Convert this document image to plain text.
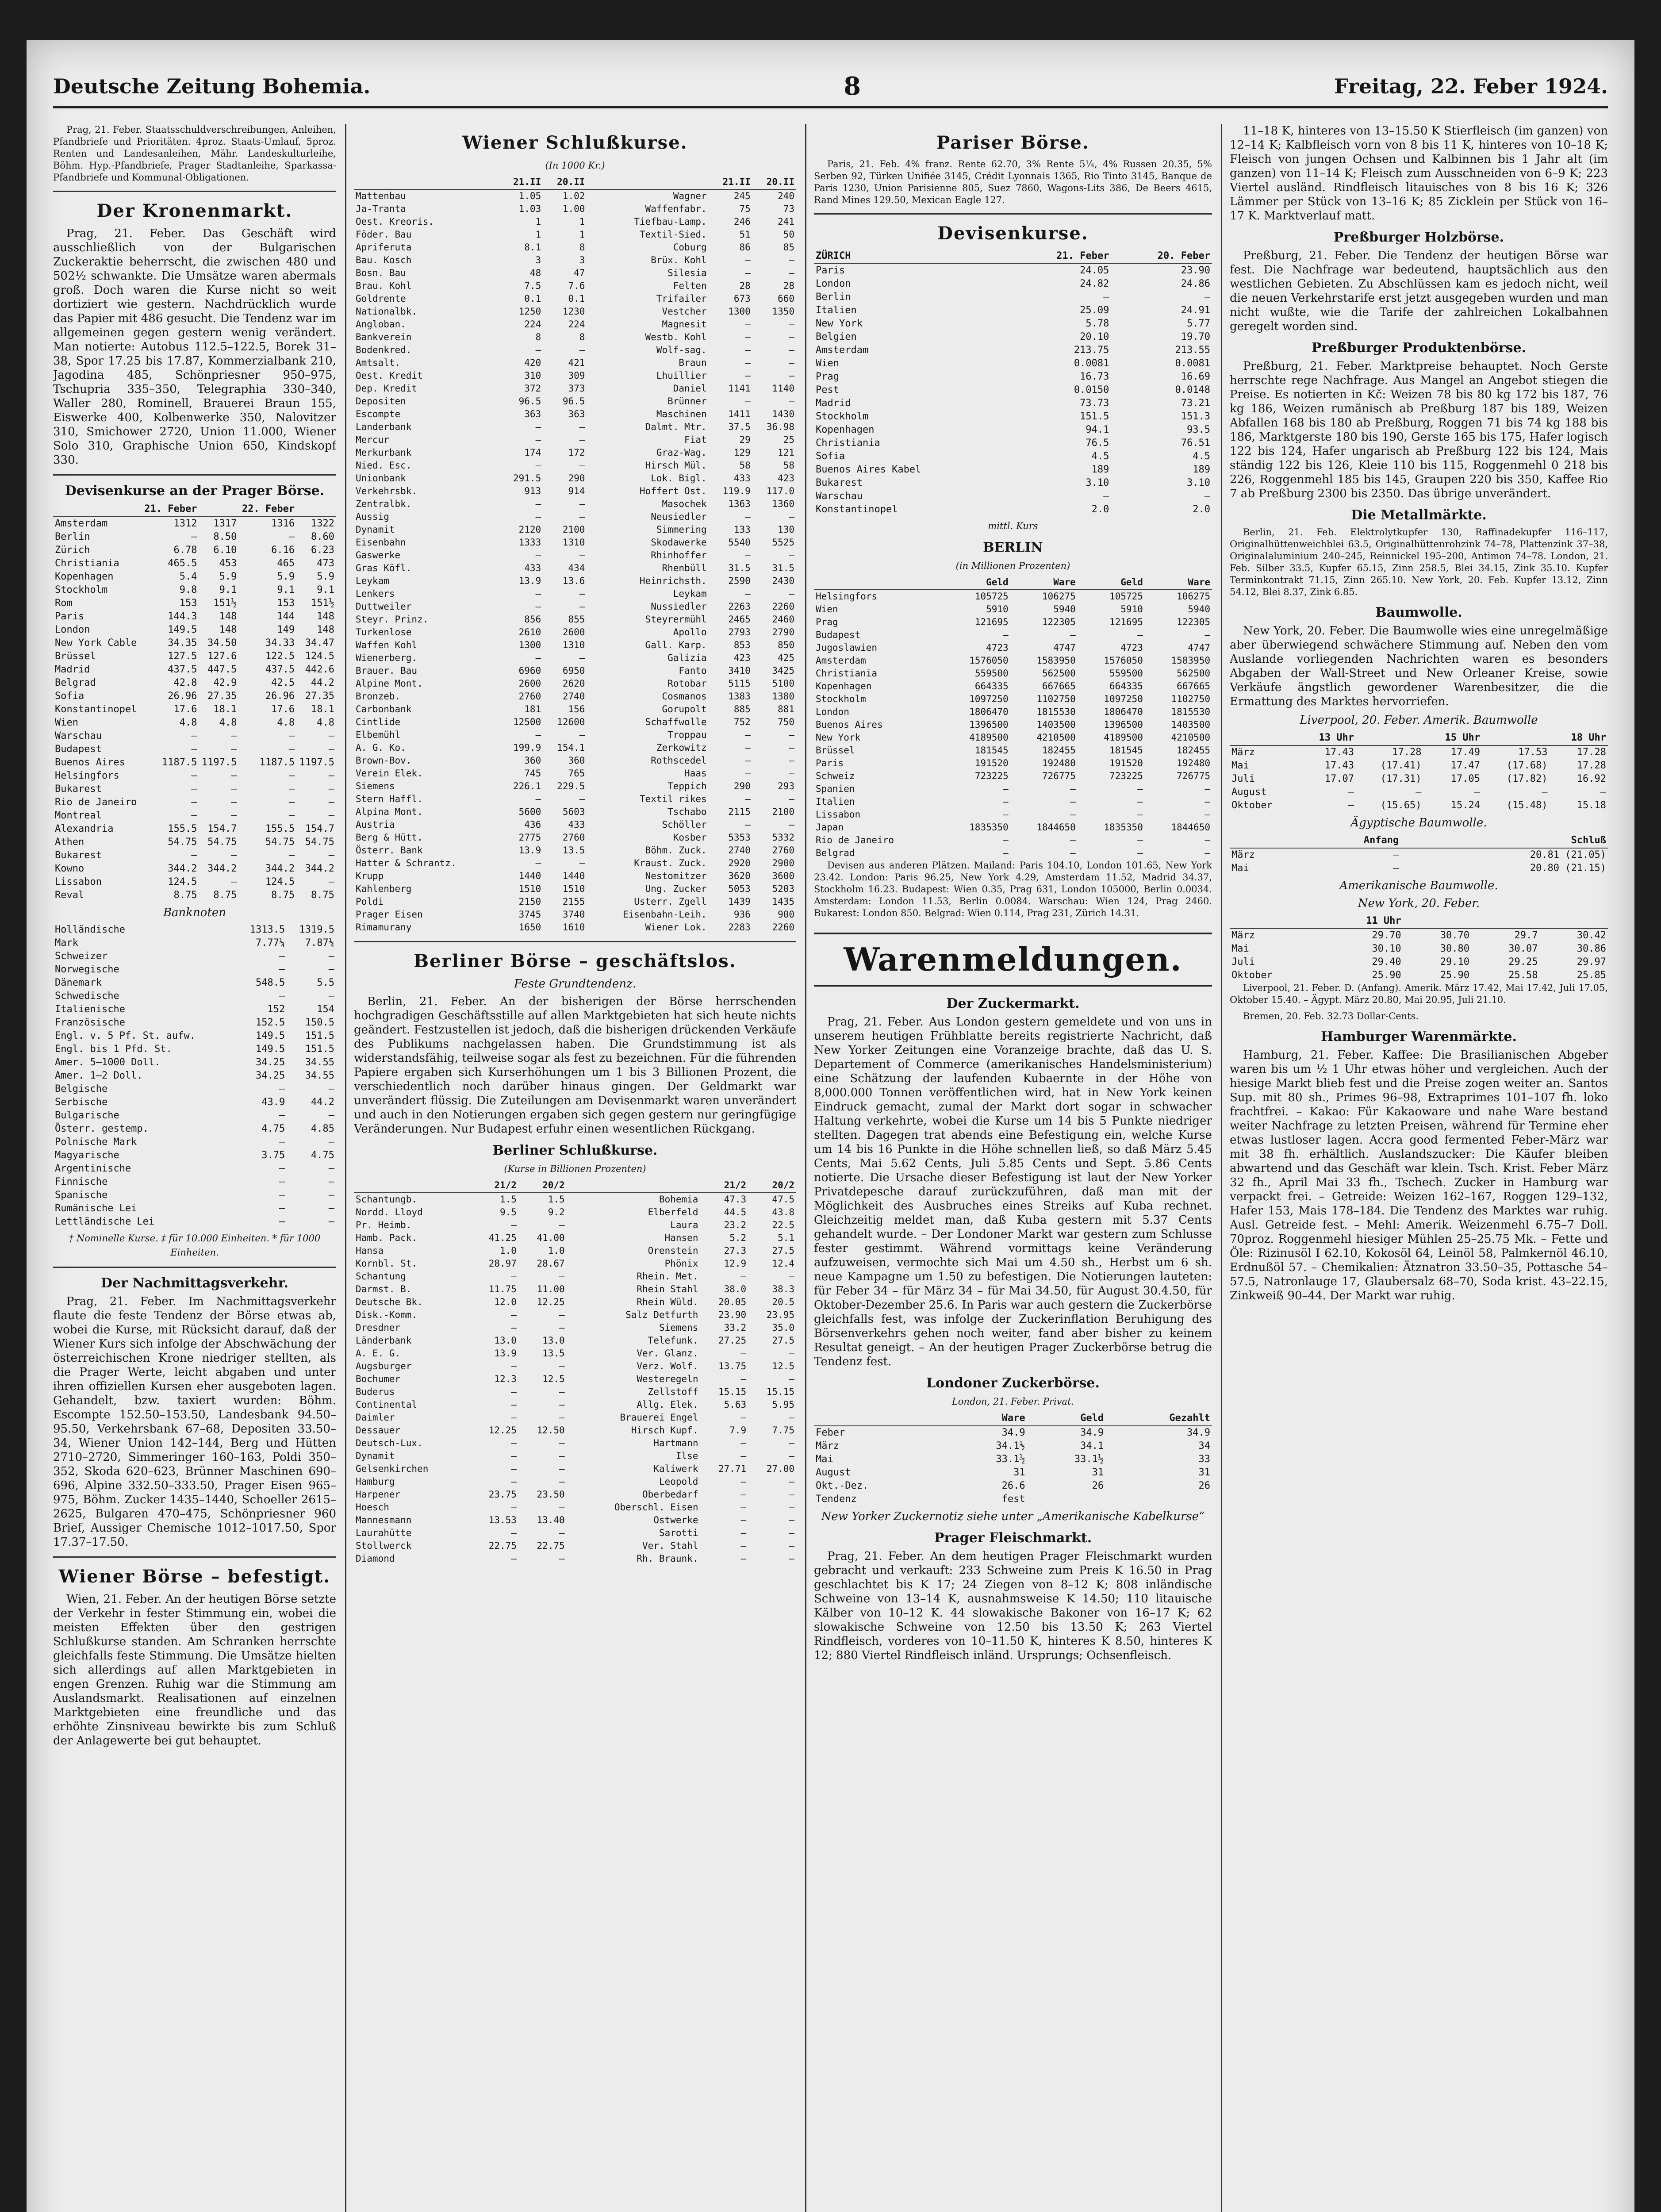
Deutsche Zeitung Bohemia.	8	Freitag, 22. Feber 1924.

Prag, 21. Feber. Staatsschuldverschreibungen, Anleihen, Pfandbriefe und Prioritäten. 4proz. Staats-Umlauf, 5proz. Renten und Landesanleihen, Mähr. Landeskulturleihe, Böhm. Hyp.-Pfandbriefe, Prager Stadtanleihe, Sparkassa-Pfandbriefe und Kommunal-Obligationen.

Der Kronenmarkt.

Prag, 21. Feber. Das Geschäft wird ausschließlich von der Bulgarischen Zuckeraktie beherrscht, die zwischen 480 und 502½ schwankte. Die Umsätze waren abermals groß. Doch waren die Kurse nicht so weit dortiziert wie gestern. Nachdrücklich wurde das Papier mit 486 gesucht. Die Tendenz war im allgemeinen gegen gestern wenig verändert. Man notierte: Autobus 112.5–122.5, Borek 31–38, Spor 17.25 bis 17.87, Kommerzialbank 210, Jagodina 485, Schönpriesner 950–975, Tschupria 335–350, Telegraphia 330–340, Waller 280, Rominell, Brauerei Braun 155, Eiswerke 400, Kolbenwerke 350, Nalovitzer 310, Smichower 2720, Union 11.000, Wiener Solo 310, Graphische Union 650, Kindskopf 330.

Devisenkurse an der Prager Börse.
	21. Feber		22. Feber	
Amsterdam	1312	1317	1316	1322
Berlin	—	8.50	—	8.60
Zürich	6.78	6.10	6.16	6.23
Christiania	465.5	453	465	473
Kopenhagen	5.4	5.9	5.9	5.9
Stockholm	9.8	9.1	9.1	9.1
Rom	153	151½	153	151½
Paris	144.3	148	144	148
London	149.5	148	149	148
New York Cable	34.35	34.50	34.33	34.47
Brüssel	127.5	127.6	122.5	124.5
Madrid	437.5	447.5	437.5	442.6
Belgrad	42.8	42.9	42.5	44.2
Sofia	26.96	27.35	26.96	27.35
Konstantinopel	17.6	18.1	17.6	18.1
Wien	4.8	4.8	4.8	4.8
Warschau	—	—	—	—
Budapest	—	—	—	—
Buenos Aires	1187.5	1197.5	1187.5	1197.5
Helsingfors	—	—	—	—
Bukarest	—	—	—	—
Rio de Janeiro	—	—	—	—
Montreal	—	—	—	—
Alexandria	155.5	154.7	155.5	154.7
Athen	54.75	54.75	54.75	54.75
Bukarest	—	—	—	—
Kowno	344.2	344.2	344.2	344.2
Lissabon	124.5	—	124.5	—
Reval	8.75	8.75	8.75	8.75
Banknoten
Holländische	1313.5	1319.5
Mark	7.77¼	7.87¼
Schweizer	—	—
Norwegische	—	—
Dänemark	548.5	5.5
Schwedische	—	—
Italienische	152	154
Französische	152.5	150.5
Engl. v. 5 Pf. St. aufw.	149.5	151.5
Engl. bis 1 Pfd. St.	149.5	151.5
Amer. 5–1000 Doll.	34.25	34.55
Amer. 1–2 Doll.	34.25	34.55
Belgische	—	—
Serbische	43.9	44.2
Bulgarische	—	—
Österr. gestemp.	4.75	4.85
Polnische Mark	—	—
Magyarische	3.75	4.75
Argentinische	—	—
Finnische	—	—
Spanische	—	—
Rumänische Lei	—	—
Lettländische Lei	—	—
† Nominelle Kurse. ‡ für 10.000 Einheiten. * für 1000 Einheiten.
Der Nachmittagsverkehr.

Prag, 21. Feber. Im Nachmittagsverkehr flaute die feste Tendenz der Börse etwas ab, wobei die Kurse, mit Rücksicht darauf, daß der Wiener Kurs sich infolge der Abschwächung der österreichischen Krone niedriger stellten, als die Prager Werte, leicht abgaben und unter ihren offiziellen Kursen eher ausgeboten lagen. Gehandelt, bzw. taxiert wurden: Böhm. Escompte 152.50–153.50, Landesbank 94.50–95.50, Verkehrsbank 67–68, Depositen 33.50–34, Wiener Union 142–144, Berg und Hütten 2710–2720, Simmeringer 160–163, Poldi 350–352, Skoda 620–623, Brünner Maschinen 690–696, Alpine 332.50–333.50, Prager Eisen 965–975, Böhm. Zucker 1435–1440, Schoeller 2615–2625, Bulgaren 470–475, Schönpriesner 960 Brief, Aussiger Chemische 1012–1017.50, Spor 17.37–17.50.

Wiener Börse – befestigt.

Wien, 21. Feber. An der heutigen Börse setzte der Verkehr in fester Stimmung ein, wobei die meisten Effekten über den gestrigen Schlußkurse standen. Am Schranken herrschte gleichfalls feste Stimmung. Die Umsätze hielten sich allerdings auf allen Marktgebieten in engen Grenzen. Ruhig war die Stimmung am Auslandsmarkt. Realisationen auf einzelnen Marktgebieten eine freundliche und das erhöhte Zinsniveau bewirkte bis zum Schluß der Anlagewerte bei gut behauptet.

Wiener Schlußkurse.
(In 1000 Kr.)
	21.II	20.II		21.II	20.II
Mattenbau	1.05	1.02	Wagner	245	240
Ja-Tranta	1.03	1.00	Waffenfabr.	75	73
Oest. Kreoris.	1	1	Tiefbau-Lamp.	246	241
Föder. Bau	1	1	Textil-Sied.	51	50
Apriferuta	8.1	8	Coburg	86	85
Bau. Kosch	3	3	Brüx. Kohl	—	—
Bosn. Bau	48	47	Silesia	—	—
Brau. Kohl	7.5	7.6	Felten	28	28
Goldrente	0.1	0.1	Trifailer	673	660
Nationalbk.	1250	1230	Vestcher	1300	1350
Angloban.	224	224	Magnesit	—	—
Bankverein	8	8	Westb. Kohl	—	—
Bodenkred.	—	—	Wolf-sag.	—	—
Amtsalt.	420	421	Braun	—	—
Oest. Kredit	310	309	Lhuillier	—	—
Dep. Kredit	372	373	Daniel	1141	1140
Depositen	96.5	96.5	Brünner	—	—
Escompte	363	363	Maschinen	1411	1430
Landerbank	—	—	Dalmt. Mtr.	37.5	36.98
Mercur	—	—	Fiat	29	25
Merkurbank	174	172	Graz-Wag.	129	121
Nied. Esc.	—	—	Hirsch Mül.	58	58
Unionbank	291.5	290	Lok. Bigl.	433	423
Verkehrsbk.	913	914	Hoffert Ost.	119.9	117.0
Zentralbk.	—	—	Masochek	1363	1360
Aussig	—	—	Neusiedler	—	—
Dynamit	2120	2100	Simmering	133	130
Eisenbahn	1333	1310	Skodawerke	5540	5525
Gaswerke	—	—	Rhinhoffer	—	—
Gras Köfl.	433	434	Rhenbüll	31.5	31.5
Leykam	13.9	13.6	Heinrichsth.	2590	2430
Lenkers	—	—	Leykam	—	—
Duttweiler	—	—	Nussiedler	2263	2260
Steyr. Prinz.	856	855	Steyrermühl	2465	2460
Turkenlose	2610	2600	Apollo	2793	2790
Waffen Kohl	1300	1310	Gall. Karp.	853	850
Wienerberg.	—	—	Galizia	423	425
Brauer. Bau	6960	6950	Fanto	3410	3425
Alpine Mont.	2600	2620	Rotobar	5115	5100
Bronzeb.	2760	2740	Cosmanos	1383	1380
Carbonbank	181	156	Gorupolt	885	881
Cintlide	12500	12600	Schaffwolle	752	750
Elbemühl	—	—	Troppau	—	—
A. G. Ko.	199.9	154.1	Zerkowitz	—	—
Brown-Bov.	360	360	Rothscedel	—	—
Verein Elek.	745	765	Haas	—	—
Siemens	226.1	229.5	Teppich	290	293
Stern Haffl.	—	—	Textil rikes	—	—
Alpina Mont.	5600	5603	Tschabo	2115	2100
Austria	436	433	Schöller	—	—
Berg & Hütt.	2775	2760	Kosber	5353	5332
Österr. Bank	13.9	13.5	Böhm. Zuck.	2740	2760
Hatter & Schrantz.	—	—	Kraust. Zuck.	2920	2900
Krupp	1440	1440	Nestomitzer	3620	3600
Kahlenberg	1510	1510	Ung. Zucker	5053	5203
Poldi	2150	2155	Usterr. Zgell	1439	1435
Prager Eisen	3745	3740	Eisenbahn-Leih.	936	900
Rimamurany	1650	1610	Wiener Lok.	2283	2260
Berliner Börse – geschäftslos.
Feste Grundtendenz.

Berlin, 21. Feber. An der bisherigen der Börse herrschenden hochgradigen Geschäftsstille auf allen Marktgebieten hat sich heute nichts geändert. Festzustellen ist jedoch, daß die bisherigen drückenden Verkäufe des Publikums nachgelassen haben. Die Grundstimmung ist als widerstandsfähig, teilweise sogar als fest zu bezeichnen. Für die führenden Papiere ergaben sich Kurserhöhungen um 1 bis 3 Billionen Prozent, die verschiedentlich noch darüber hinaus gingen. Der Geldmarkt war unverändert flüssig. Die Zuteilungen am Devisenmarkt waren unverändert und auch in den Notierungen ergaben sich gegen gestern nur geringfügige Veränderungen. Nur Budapest erfuhr einen wesentlichen Rückgang.

Berliner Schlußkurse.
(Kurse in Billionen Prozenten)
	21/2	20/2		21/2	20/2
Schantungb.	1.5	1.5	Bohemia	47.3	47.5
Nordd. Lloyd	9.5	9.2	Elberfeld	44.5	43.8
Pr. Heimb.	—	—	Laura	23.2	22.5
Hamb. Pack.	41.25	41.00	Hansen	5.2	5.1
Hansa	1.0	1.0	Orenstein	27.3	27.5
Kornbl. St.	28.97	28.67	Phönix	12.9	12.4
Schantung	—	—	Rhein. Met.	—	—
Darmst. B.	11.75	11.00	Rhein Stahl	38.0	38.3
Deutsche Bk.	12.0	12.25	Rhein Wüld.	20.05	20.5
Disk.-Komm.	—	—	Salz Detfurth	23.90	23.95
Dresdner	—	—	Siemens	33.2	35.0
Länderbank	13.0	13.0	Telefunk.	27.25	27.5
A. E. G.	13.9	13.5	Ver. Glanz.	—	—
Augsburger	—	—	Verz. Wolf.	13.75	12.5
Bochumer	12.3	12.5	Westeregeln	—	—
Buderus	—	—	Zellstoff	15.15	15.15
Continental	—	—	Allg. Elek.	5.63	5.95
Daimler	—	—	Brauerei Engel	—	—
Dessauer	12.25	12.50	Hirsch Kupf.	7.9	7.75
Deutsch-Lux.	—	—	Hartmann	—	—
Dynamit	—	—	Ilse	—	—
Gelsenkirchen	—	—	Kaliwerk	27.71	27.00
Hamburg	—	—	Leopold	—	—
Harpener	23.75	23.50	Oberbedarf	—	—
Hoesch	—	—	Oberschl. Eisen	—	—
Mannesmann	13.53	13.40	Ostwerke	—	—
Laurahütte	—	—	Sarotti	—	—
Stollwerck	22.75	22.75	Ver. Stahl	—	—
Diamond	—	—	Rh. Braunk.	—	—
Pariser Börse.

Paris, 21. Feb. 4% franz. Rente 62.70, 3% Rente 5¼, 4% Russen 20.35, 5% Serben 92, Türken Unifiée 3145, Crédit Lyonnais 1365, Rio Tinto 3145, Banque de Paris 1230, Union Parisienne 805, Suez 7860, Wagons-Lits 386, De Beers 4615, Rand Mines 129.50, Mexican Eagle 127.

Devisenkurse.
ZÜRICH	21. Feber	20. Feber
Paris	24.05	23.90
London	24.82	24.86
Berlin	—	—
Italien	25.09	24.91
New York	5.78	5.77
Belgien	20.10	19.70
Amsterdam	213.75	213.55
Wien	0.0081	0.0081
Prag	16.73	16.69
Pest	0.0150	0.0148
Madrid	73.73	73.21
Stockholm	151.5	151.3
Kopenhagen	94.1	93.5
Christiania	76.5	76.51
Sofia	4.5	4.5
Buenos Aires Kabel	189	189
Bukarest	3.10	3.10
Warschau	—	—
Konstantinopel	2.0	2.0
mittl. Kurs
BERLIN
(in Millionen Prozenten)
	Geld	Ware	Geld	Ware
Helsingfors	105725	106275	105725	106275
Wien	5910	5940	5910	5940
Prag	121695	122305	121695	122305
Budapest	—	—	—	—
Jugoslawien	4723	4747	4723	4747
Amsterdam	1576050	1583950	1576050	1583950
Christiania	559500	562500	559500	562500
Kopenhagen	664335	667665	664335	667665
Stockholm	1097250	1102750	1097250	1102750
London	1806470	1815530	1806470	1815530
Buenos Aires	1396500	1403500	1396500	1403500
New York	4189500	4210500	4189500	4210500
Brüssel	181545	182455	181545	182455
Paris	191520	192480	191520	192480
Schweiz	723225	726775	723225	726775
Spanien	—	—	—	—
Italien	—	—	—	—
Lissabon	—	—	—	—
Japan	1835350	1844650	1835350	1844650
Rio de Janeiro	—	—	—	—
Belgrad	—	—	—	—

Devisen aus anderen Plätzen. Mailand: Paris 104.10, London 101.65, New York 23.42. London: Paris 96.25, New York 4.29, Amsterdam 11.52, Madrid 34.37, Stockholm 16.23. Budapest: Wien 0.35, Prag 631, London 105000, Berlin 0.0034. Amsterdam: London 11.53, Berlin 0.0084. Warschau: Wien 124, Prag 2460. Bukarest: London 850. Belgrad: Wien 0.114, Prag 231, Zürich 14.31.

Warenmeldungen.
Der Zuckermarkt.

Prag, 21. Feber. Aus London gestern gemeldete und von uns in unserem heutigen Frühblatte bereits registrierte Nachricht, daß New Yorker Zeitungen eine Voranzeige brachte, daß das U. S. Departement of Commerce (amerikanisches Handelsministerium) eine Schätzung der laufenden Kubaernte in der Höhe von 8,000.000 Tonnen veröffentlichen wird, hat in New York keinen Eindruck gemacht, zumal der Markt dort sogar in schwacher Haltung verkehrte, wobei die Kurse um 14 bis 5 Punkte niedriger stellten. Dagegen trat abends eine Befestigung ein, welche Kurse um 14 bis 16 Punkte in die Höhe schnellen ließ, so daß März 5.45 Cents, Mai 5.62 Cents, Juli 5.85 Cents und Sept. 5.86 Cents notierte. Die Ursache dieser Befestigung ist laut der New Yorker Privatdepesche darauf zurückzuführen, daß man mit der Möglichkeit des Ausbruches eines Streiks auf Kuba rechnet. Gleichzeitig meldet man, daß Kuba gestern mit 5.37 Cents gehandelt wurde. – Der Londoner Markt war gestern zum Schlusse fester gestimmt. Während vormittags keine Veränderung aufzuweisen, vermochte sich Mai um 4.50 sh., Herbst um 6 sh. neue Kampagne um 1.50 zu befestigen. Die Notierungen lauteten: für Feber 34 – für März 34 – für Mai 34.50, für August 30.4.50, für Oktober-Dezember 25.6. In Paris war auch gestern die Zuckerbörse gleichfalls fest, was infolge der Zuckerinflation Beruhigung des Börsenverkehrs gehen noch weiter, fand aber bisher zu keinem Resultat geneigt. – An der heutigen Prager Zuckerbörse betrug die Tendenz fest.

Londoner Zuckerbörse.
London, 21. Feber. Privat.
	Ware	Geld	Gezahlt
Feber	34.9	34.9	34.9
März	34.1½	34.1	34
Mai	33.1½	33.1½	33
August	31	31	31
Okt.-Dez.	26.6	26	26
Tendenz	fest		
New Yorker Zuckernotiz siehe unter „Amerikanische Kabelkurse“
Prager Fleischmarkt.

Prag, 21. Feber. An dem heutigen Prager Fleischmarkt wurden gebracht und verkauft: 233 Schweine zum Preis K 16.50 in Prag geschlachtet bis K 17; 24 Ziegen von 8–12 K; 808 inländische Schweine von 13–14 K, ausnahmsweise K 14.50; 110 litauische Kälber von 10–12 K. 44 slowakische Bakoner von 16–17 K; 62 slowakische Schweine von 12.50 bis 13.50 K; 263 Viertel Rindfleisch, vorderes von 10–11.50 K, hinteres K 8.50, hinteres K 12; 880 Viertel Rindfleisch inländ. Ursprungs; Ochsenfleisch.

11–18 K, hinteres von 13–15.50 K Stierfleisch (im ganzen) von 12–14 K; Kalbfleisch vorn von 8 bis 11 K, hinteres von 10–18 K; Fleisch von jungen Ochsen und Kalbinnen bis 1 Jahr alt (im ganzen) von 11–14 K; Fleisch zum Ausschneiden von 6–9 K; 223 Viertel ausländ. Rindfleisch litauisches von 8 bis 16 K; 326 Lämmer per Stück von 13–16 K; 85 Zicklein per Stück von 16–17 K. Marktverlauf matt.

Preßburger Holzbörse.

Preßburg, 21. Feber. Die Tendenz der heutigen Börse war fest. Die Nachfrage war bedeutend, hauptsächlich aus den westlichen Gebieten. Zu Abschlüssen kam es jedoch nicht, weil die neuen Verkehrstarife erst jetzt ausgegeben wurden und man nicht wußte, wie die Tarife der zahlreichen Lokalbahnen geregelt worden sind.

Preßburger Produktenbörse.

Preßburg, 21. Feber. Marktpreise behauptet. Noch Gerste herrschte rege Nachfrage. Aus Mangel an Angebot stiegen die Preise. Es notierten in Kč: Weizen 78 bis 80 kg 172 bis 187, 76 kg 186, Weizen rumänisch ab Preßburg 187 bis 189, Weizen Abfallen 168 bis 180 ab Preßburg, Roggen 71 bis 74 kg 188 bis 186, Marktgerste 180 bis 190, Gerste 165 bis 175, Hafer logisch 122 bis 124, Hafer ungarisch ab Preßburg 122 bis 124, Mais ständig 122 bis 126, Kleie 110 bis 115, Roggenmehl 0 218 bis 226, Roggenmehl 185 bis 145, Graupen 220 bis 350, Kaffee Rio 7 ab Preßburg 2300 bis 2350. Das übrige unverändert.

Die Metallmärkte.

Berlin, 21. Feb. Elektrolytkupfer 130, Raffinadekupfer 116–117, Originalhüttenweichblei 63.5, Originalhüttenrohzink 74–78, Plattenzink 37–38, Originalaluminium 240–245, Reinnickel 195–200, Antimon 74–78. London, 21. Feb. Silber 33.5, Kupfer 65.15, Zinn 258.5, Blei 34.15, Zink 35.10. Kupfer Terminkontrakt 71.15, Zinn 265.10. New York, 20. Feb. Kupfer 13.12, Zinn 54.12, Blei 8.37, Zink 6.85.

Baumwolle.

New York, 20. Feber. Die Baumwolle wies eine unregelmäßige aber überwiegend schwächere Stimmung auf. Neben den vom Auslande vorliegenden Nachrichten waren es besonders Abgaben der Wall-Street und New Orleaner Kreise, sowie Verkäufe ängstlich gewordener Warenbesitzer, die die Ermattung des Marktes hervorriefen.

Liverpool, 20. Feber. Amerik. Baumwolle
	13 Uhr		15 Uhr		18 Uhr
März	17.43	17.28	17.49	17.53	17.28
Mai	17.43	(17.41)	17.47	(17.68)	17.28
Juli	17.07	(17.31)	17.05	(17.82)	16.92
August	—	—	—	—	—
Oktober	—	(15.65)	15.24	(15.48)	15.18
Ägyptische Baumwolle.
	Anfang	Schluß
März	—	20.81 (21.05)
Mai	—	20.80 (21.15)
Amerikanische Baumwolle.
New York, 20. Feber.
	11 Uhr			
März	29.70	30.70	29.7	30.42
Mai	30.10	30.80	30.07	30.86
Juli	29.40	29.10	29.25	29.97
Oktober	25.90	25.90	25.58	25.85

Liverpool, 21. Feber. D. (Anfang). Amerik. März 17.42, Mai 17.42, Juli 17.05, Oktober 15.40. – Ägypt. März 20.80, Mai 20.95, Juli 21.10.

Bremen, 20. Feb. 32.73 Dollar-Cents.

Hamburger Warenmärkte.

Hamburg, 21. Feber. Kaffee: Die Brasilianischen Abgeber waren bis um ½ 1 Uhr etwas höher und vergleichen. Auch der hiesige Markt blieb fest und die Preise zogen weiter an. Santos Sup. mit 80 sh., Primes 96–98, Extraprimes 101–107 fh. loko frachtfrei. – Kakao: Für Kakaoware und nahe Ware bestand weiter Nachfrage zu letzten Preisen, während für Termine eher etwas lustloser lagen. Accra good fermented Feber-März war mit 38 fh. erhältlich. Auslandszucker: Die Käufer bleiben abwartend und das Geschäft war klein. Tsch. Krist. Feber März 32 fh., April Mai 33 fh., Tschech. Zucker in Hamburg war verpackt frei. – Getreide: Weizen 162–167, Roggen 129–132, Hafer 153, Mais 178–184. Die Tendenz des Marktes war ruhig. Ausl. Getreide fest. – Mehl: Amerik. Weizenmehl 6.75–7 Doll. 70proz. Roggenmehl hiesiger Mühlen 25–25.75 Mk. – Fette und Öle: Rizinusöl I 62.10, Kokosöl 64, Leinöl 58, Palmkernöl 46.10, Erdnußöl 57. – Chemikalien: Ätznatron 33.50–35, Pottasche 54–57.5, Natronlauge 17, Glaubersalz 68–70, Soda krist. 43–22.15, Zinkweiß 90–44. Der Markt war ruhig.
